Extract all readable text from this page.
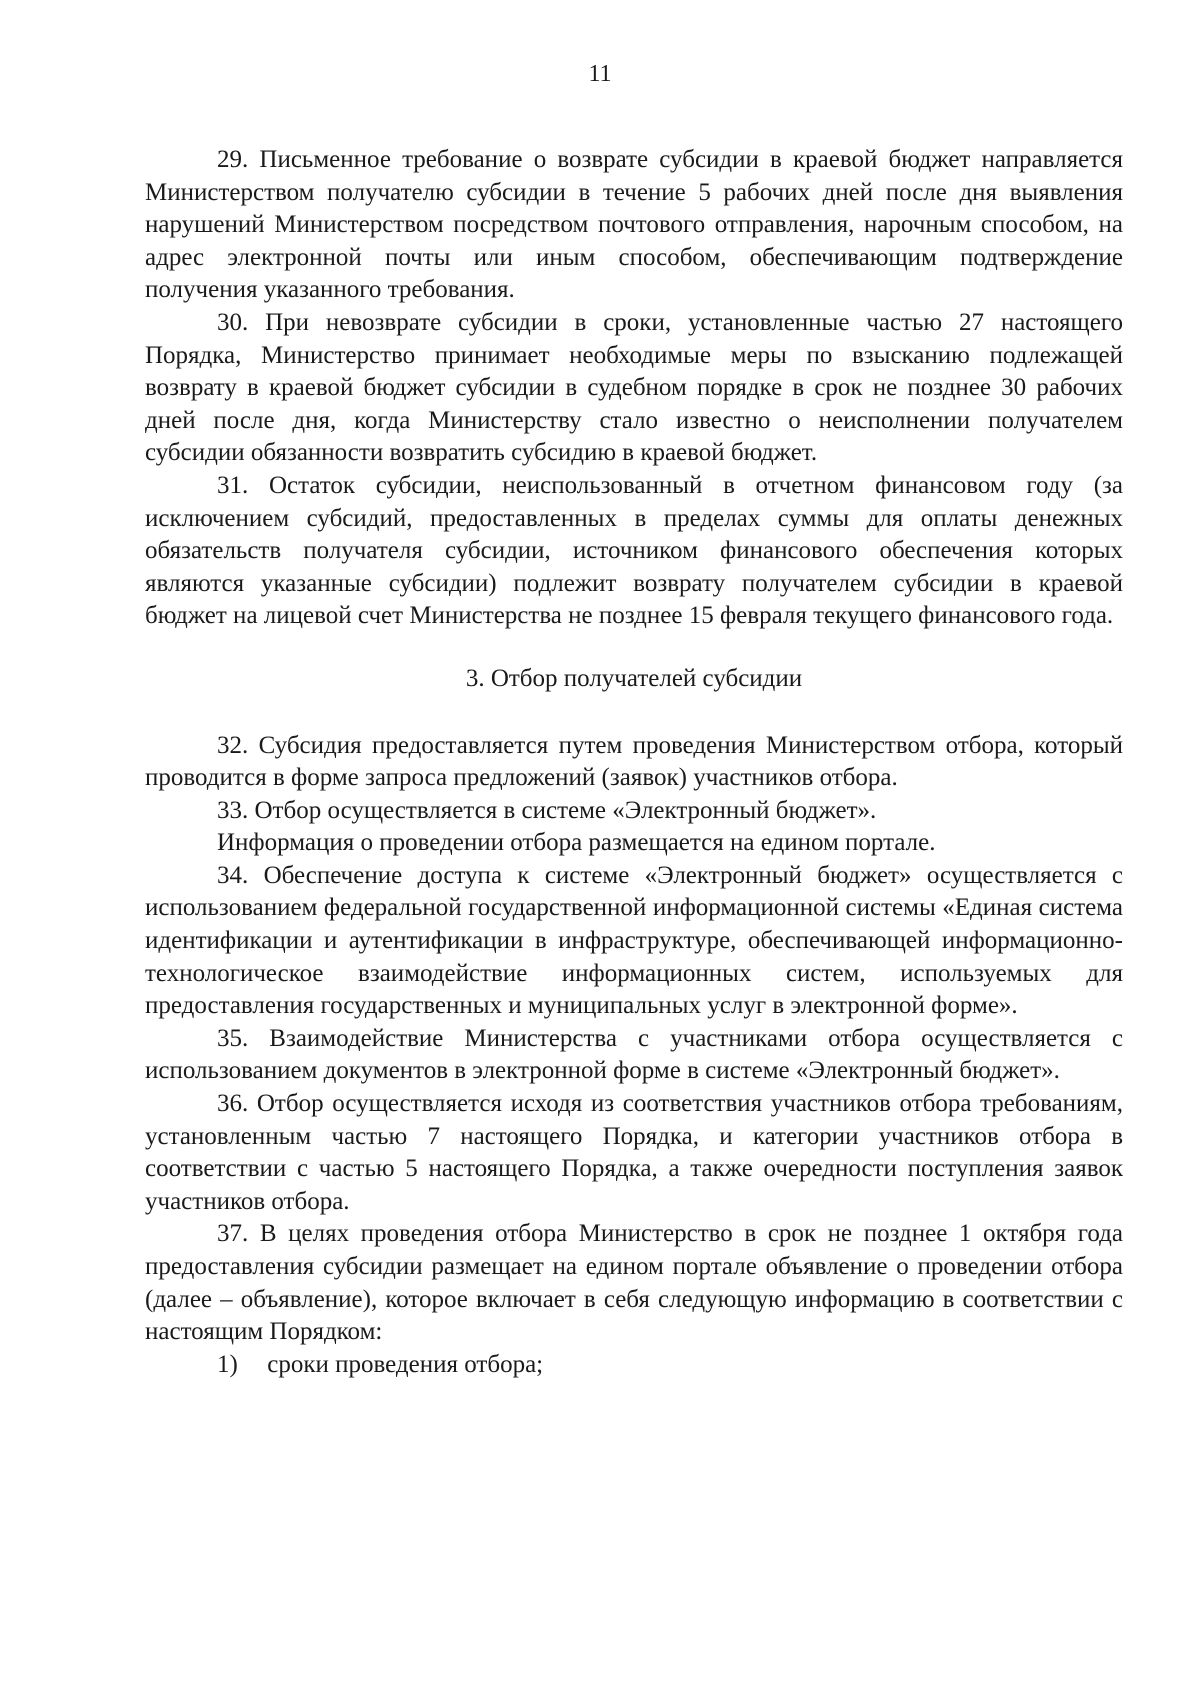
11

29. Письменное требование о возврате субсидии в краевой бюджет направляется Министерством получателю субсидии в течение 5 рабочих дней после дня выявления нарушений Министерством посредством почтового отправления, нарочным способом, на адрес электронной почты или иным способом, обеспечивающим подтверждение получения указанного требования.

30. При невозврате субсидии в сроки, установленные частью 27 настоящего Порядка, Министерство принимает необходимые меры по взысканию подлежащей возврату в краевой бюджет субсидии в судебном порядке в срок не позднее 30 рабочих дней после дня, когда Министерству стало известно о неисполнении получателем субсидии обязанности возвратить субсидию в краевой бюджет.

31. Остаток субсидии, неиспользованный в отчетном финансовом году (за исключением субсидий, предоставленных в пределах суммы для оплаты денежных обязательств получателя субсидии, источником финансового обеспечения которых являются указанные субсидии) подлежит возврату получателем субсидии в краевой бюджет на лицевой счет Министерства не позднее 15 февраля текущего финансового года.

3. Отбор получателей субсидии

32. Субсидия предоставляется путем проведения Министерством отбора, который проводится в форме запроса предложений (заявок) участников отбора.

33. Отбор осуществляется в системе «Электронный бюджет».

Информация о проведении отбора размещается на едином портале.

34. Обеспечение доступа к системе «Электронный бюджет» осуществляется с использованием федеральной государственной информационной системы «Единая система идентификации и аутентификации в инфраструктуре, обеспечивающей информационно-технологическое взаимодействие информационных систем, используемых для предоставления государственных и муниципальных услуг в электронной форме».

35. Взаимодействие Министерства с участниками отбора осуществляется с использованием документов в электронной форме в системе «Электронный бюджет».

36. Отбор осуществляется исходя из соответствия участников отбора требованиям, установленным частью 7 настоящего Порядка, и категории участников отбора в соответствии с частью 5 настоящего Порядка, а также очередности поступления заявок участников отбора.

37. В целях проведения отбора Министерство в срок не позднее 1 октября года предоставления субсидии размещает на едином портале объявление о проведении отбора (далее – объявление), которое включает в себя следующую информацию в соответствии с настоящим Порядком:

1) сроки проведения отбора;
